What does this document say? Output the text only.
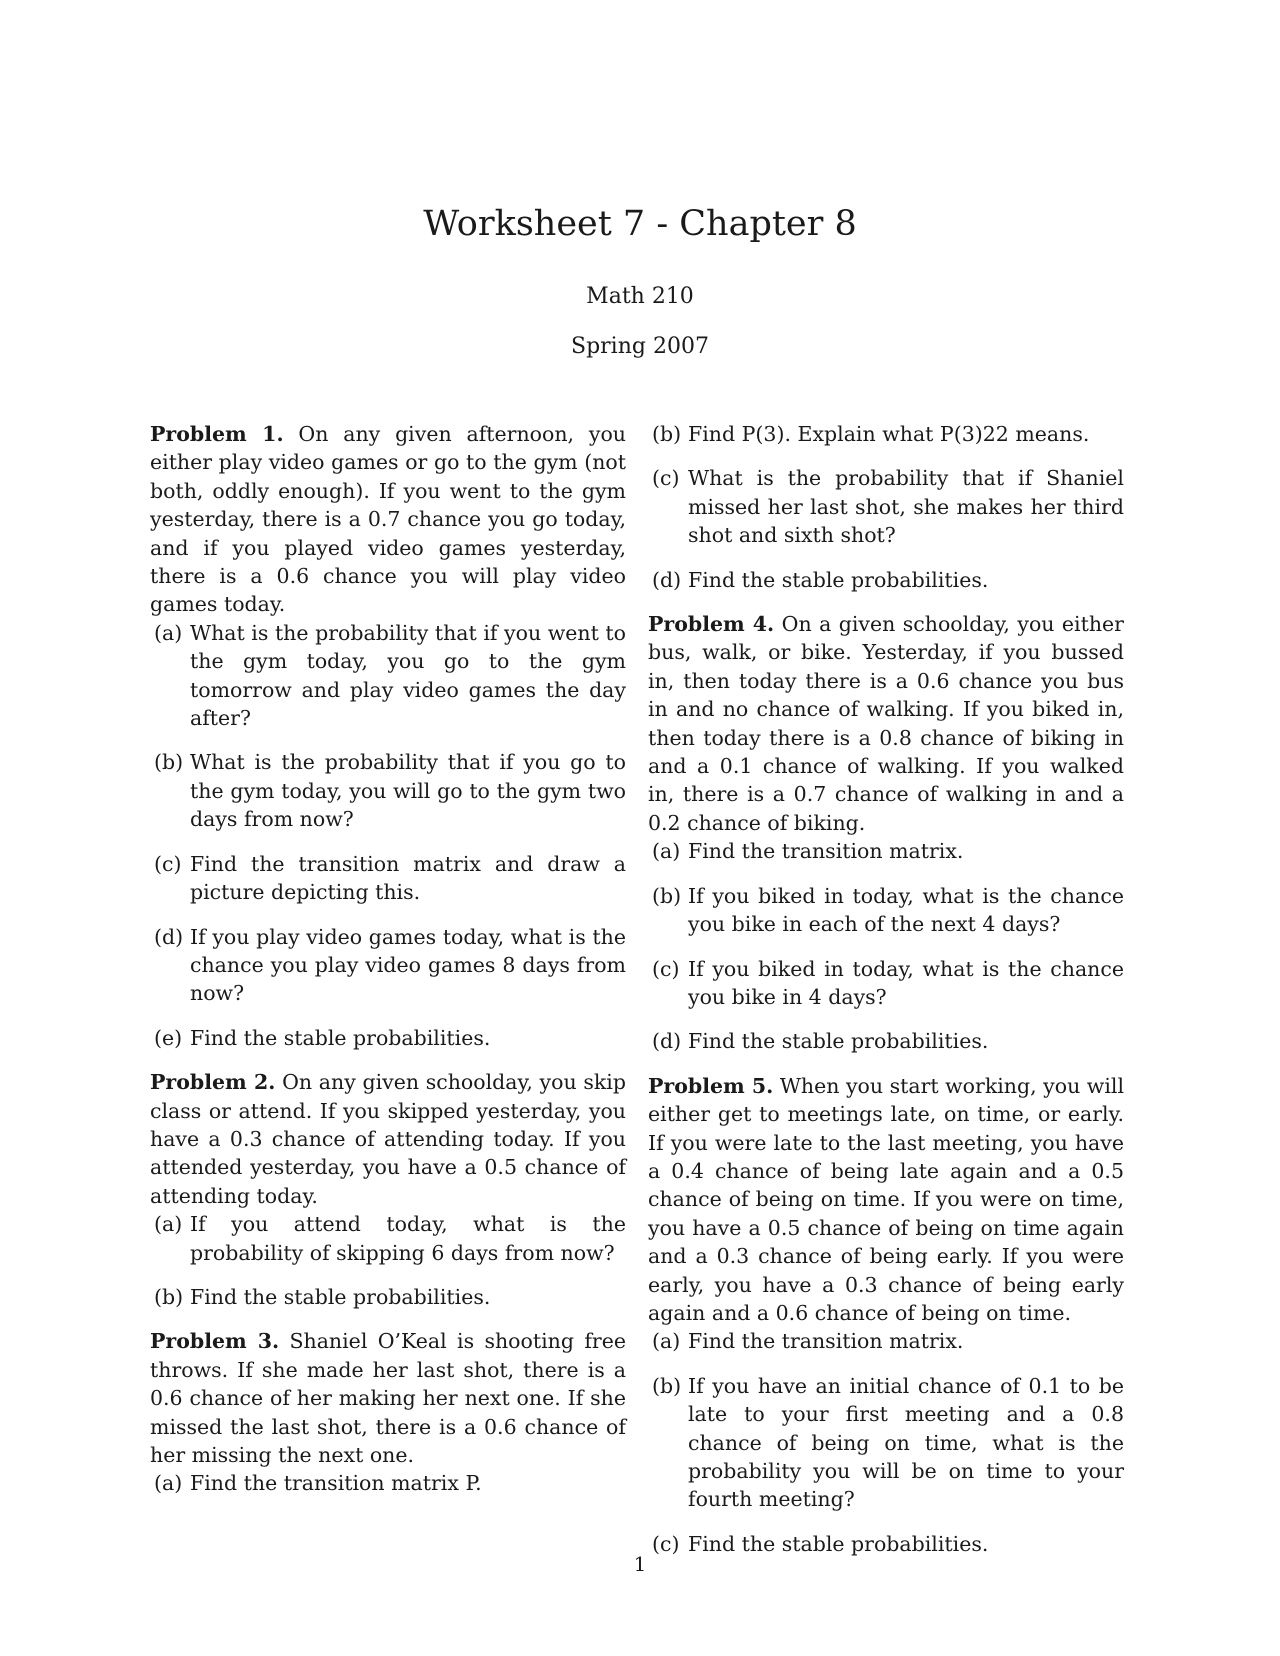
Worksheet 7 - Chapter 8
Math 210
Spring 2007

Problem 1. On any given afternoon, you either play video games or go to the gym (not both, oddly enough). If you went to the gym yesterday, there is a 0.7 chance you go today, and if you played video games yesterday, there is a 0.6 chance you will play video games today.

(a) What is the probability that if you went to the gym today, you go to the gym tomorrow and play video games the day after?
(b) What is the probability that if you go to the gym today, you will go to the gym two days from now?
(c) Find the transition matrix and draw a picture depicting this.
(d) If you play video games today, what is the chance you play video games 8 days from now?
(e) Find the stable probabilities.

Problem 2. On any given schoolday, you skip class or attend. If you skipped yesterday, you have a 0.3 chance of attending today. If you attended yesterday, you have a 0.5 chance of attending today.

(a) If you attend today, what is the probability of skipping 6 days from now?
(b) Find the stable probabilities.

Problem 3. Shaniel O’Keal is shooting free throws. If she made her last shot, there is a 0.6 chance of her making her next one. If she missed the last shot, there is a 0.6 chance of her missing the next one.

(a) Find the transition matrix P.
(b) Find P(3). Explain what P(3)22 means.
(c) What is the probability that if Shaniel missed her last shot, she makes her third shot and sixth shot?
(d) Find the stable probabilities.

Problem 4. On a given schoolday, you either bus, walk, or bike. Yesterday, if you bussed in, then today there is a 0.6 chance you bus in and no chance of walking. If you biked in, then today there is a 0.8 chance of biking in and a 0.1 chance of walking. If you walked in, there is a 0.7 chance of walking in and a 0.2 chance of biking.

(a) Find the transition matrix.
(b) If you biked in today, what is the chance you bike in each of the next 4 days?
(c) If you biked in today, what is the chance you bike in 4 days?
(d) Find the stable probabilities.

Problem 5. When you start working, you will either get to meetings late, on time, or early. If you were late to the last meeting, you have a 0.4 chance of being late again and a 0.5 chance of being on time. If you were on time, you have a 0.5 chance of being on time again and a 0.3 chance of being early. If you were early, you have a 0.3 chance of being early again and a 0.6 chance of being on time.

(a) Find the transition matrix.
(b) If you have an initial chance of 0.1 to be late to your first meeting and a 0.8 chance of being on time, what is the probability you will be on time to your fourth meeting?
(c) Find the stable probabilities.
1
